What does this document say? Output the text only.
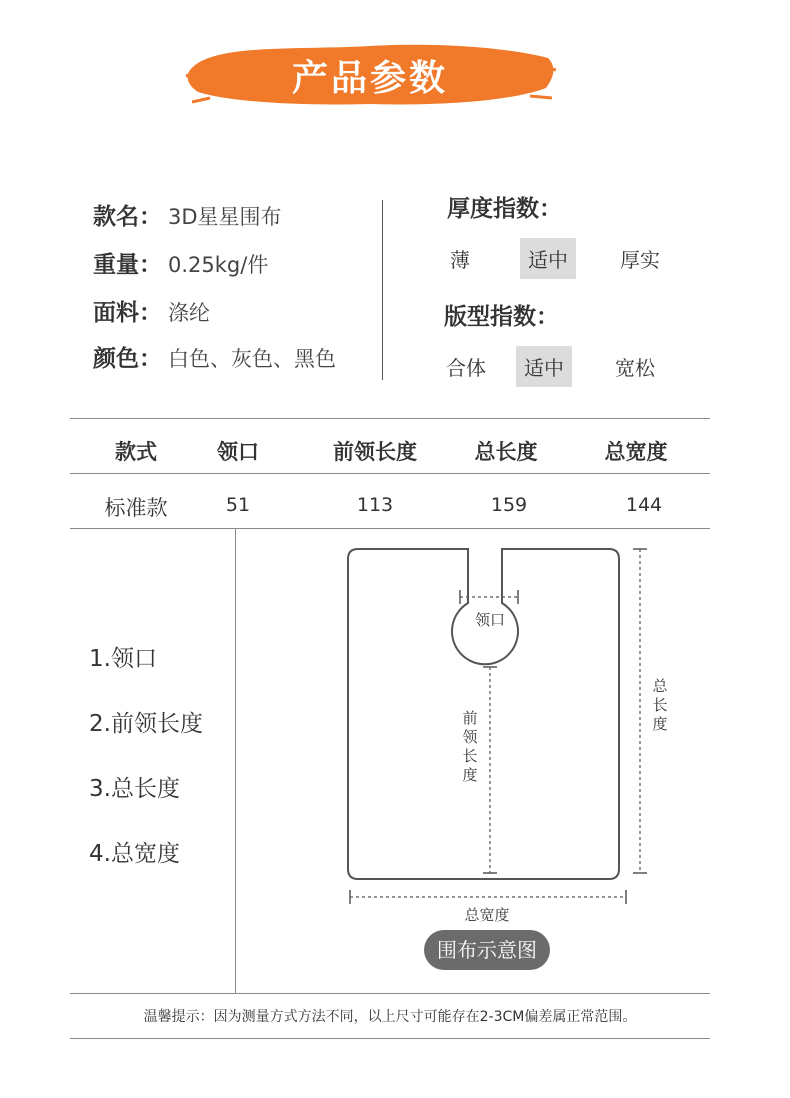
产品参数
款名： 3D星星围布
重量： 0.25kg/件
面料： 涤纶
颜色： 白色、灰色、黑色
厚度指数：
薄	适中	厚实
版型指数：
合体	适中	宽松
款式	领口	前领长度	总长度	总宽度
标准款	51	113	159	144
1.领口
2.前领长度
3.总长度
4.总宽度
领口
前
领
长
度
总
长
度
总宽度
围布示意图
温馨提示：因为测量方式方法不同，以上尺寸可能存在2-3CM偏差属正常范围。
